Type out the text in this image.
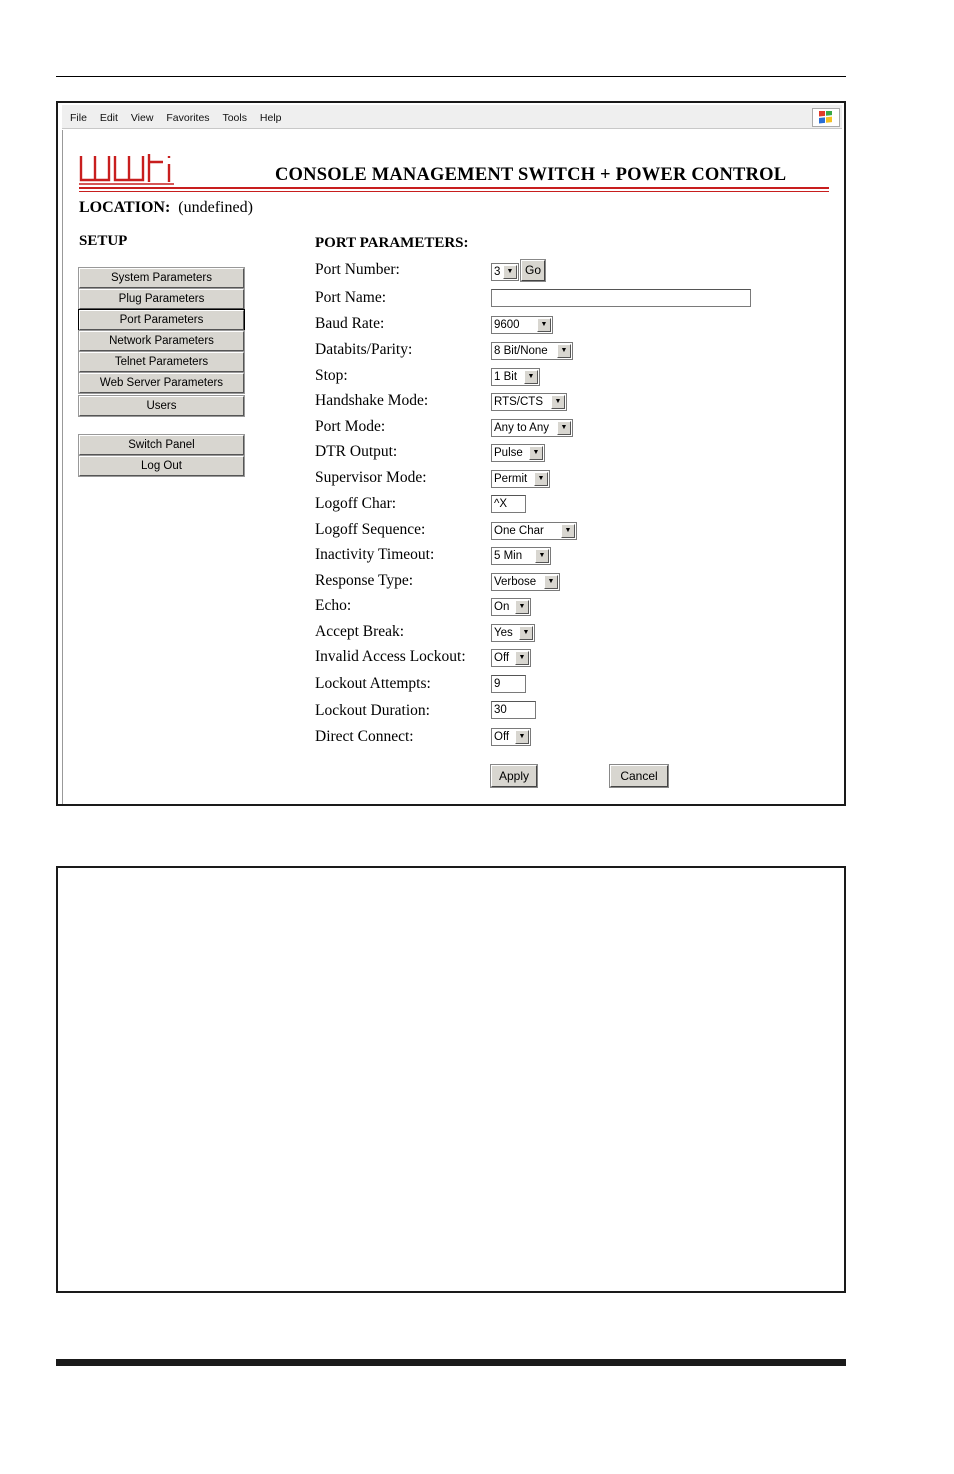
File Edit View Favorites Tools Help
CONSOLE MANAGEMENT SWITCH + POWER CONTROL
LOCATION: (undefined)
SETUP
System Parameters
Plug Parameters
Port Parameters
Network Parameters
Telnet Parameters
Web Server Parameters
Users
Switch Panel
Log Out
PORT PARAMETERS:
Port Number:	3 ▼ Go
Port Name:
Baud Rate:	9600	▼
Databits/Parity:	8 Bit/None	▼
Stop:	1 Bit	▼
Handshake Mode:	RTS/CTS	▼
Port Mode:	Any to Any	▼
DTR Output:	Pulse	▼
Supervisor Mode:	Permit	▼
Logoff Char:	^X
Logoff Sequence:	One Char	▼
Inactivity Timeout:	5 Min	▼
Response Type:	Verbose	▼
Echo:	On	▼
Accept Break:	Yes	▼
Invalid Access Lockout: Off	▼
Lockout Attempts:	9
Lockout Duration:	30
Direct Connect:	Off	▼
Apply	Cancel
